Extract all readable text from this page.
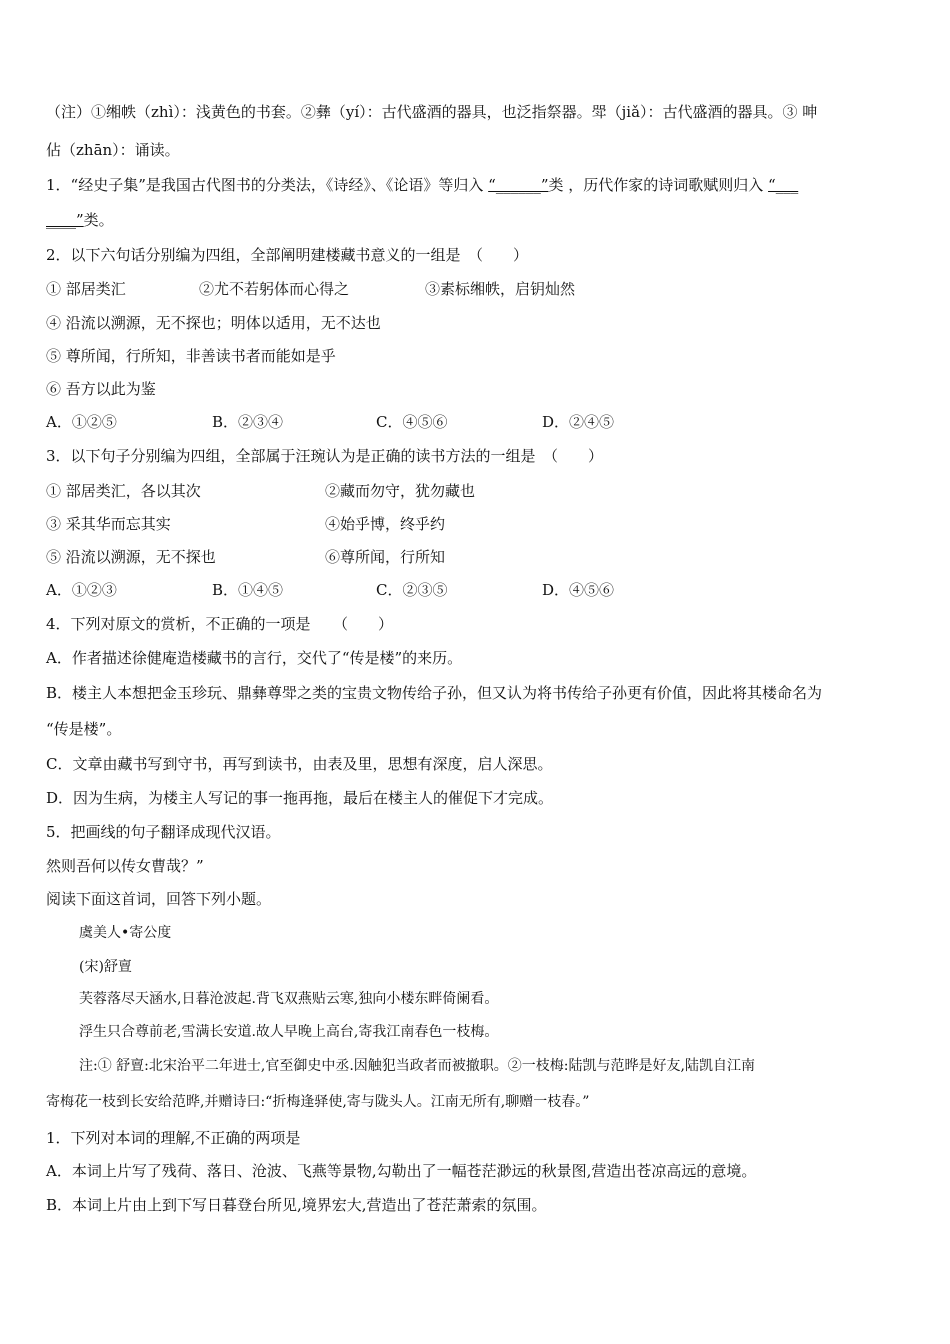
（注）①缃帙（zhì）：浅黄色的书套。②彝（yí）：古代盛酒的器具，也泛指祭器。斝（jiǎ）：古代盛酒的器具。③ 呻
佔（zhān）：诵读。
1．“经史子集”是我国古代图书的分类法，《诗经》、《论语》等归入 “______”类 ，历代作家的诗词歌赋则归入 “___
____”类。
2．以下六句话分别编为四组，全部阐明建楼藏书意义的一组是　（　　）
① 部居类汇	②尤不若躬体而心得之	③素标缃帙，启钥灿然
④ 沿流以溯源，无不探也；明体以适用，无不达也
⑤ 尊所闻，行所知，非善读书者而能如是乎
⑥ 吾方以此为鉴
A．①②⑤	B．②③④	C．④⑤⑥	D．②④⑤
3．以下句子分别编为四组，全部属于汪琬认为是正确的读书方法的一组是　（　　）
① 部居类汇，各以其次	②藏而勿守，犹勿藏也
③ 采其华而忘其实	④始乎博，终乎约
⑤ 沿流以溯源，无不探也	⑥尊所闻，行所知
A．①②③	B．①④⑤	C．②③⑤	D．④⑤⑥
4．下列对原文的赏析，不正确的一项是　　（　　）
A．作者描述徐健庵造楼藏书的言行，交代了“传是楼”的来历。
B．楼主人本想把金玉珍玩、鼎彝尊斝之类的宝贵文物传给子孙，但又认为将书传给子孙更有价值，因此将其楼命名为
“传是楼”。
C．文章由藏书写到守书，再写到读书，由表及里，思想有深度，启人深思。
D．因为生病，为楼主人写记的事一拖再拖，最后在楼主人的催促下才完成。
5．把画线的句子翻译成现代汉语。
然则吾何以传女曹哉？”
阅读下面这首词，回答下列小题。
虞美人•寄公度
(宋)舒亶
芙蓉落尽天涵水,日暮沧波起.背飞双燕贴云寒,独向小楼东畔倚阑看。
浮生只合尊前老,雪满长安道.故人早晚上高台,寄我江南春色一枝梅。
注:① 舒亶:北宋治平二年进士,官至御史中丞.因触犯当政者而被撤职。②一枝梅:陆凯与范晔是好友,陆凯自江南
寄梅花一枝到长安给范晔,并赠诗曰:“折梅逢驿使,寄与陇头人。江南无所有,聊赠一枝春。”
1．下列对本词的理解,不正确的两项是
A．本词上片写了残荷、落日、沧波、飞燕等景物,勾勒出了一幅苍茫渺远的秋景图,营造出苍凉高远的意境。
B．本词上片由上到下写日暮登台所见,境界宏大,营造出了苍茫萧索的氛围。
